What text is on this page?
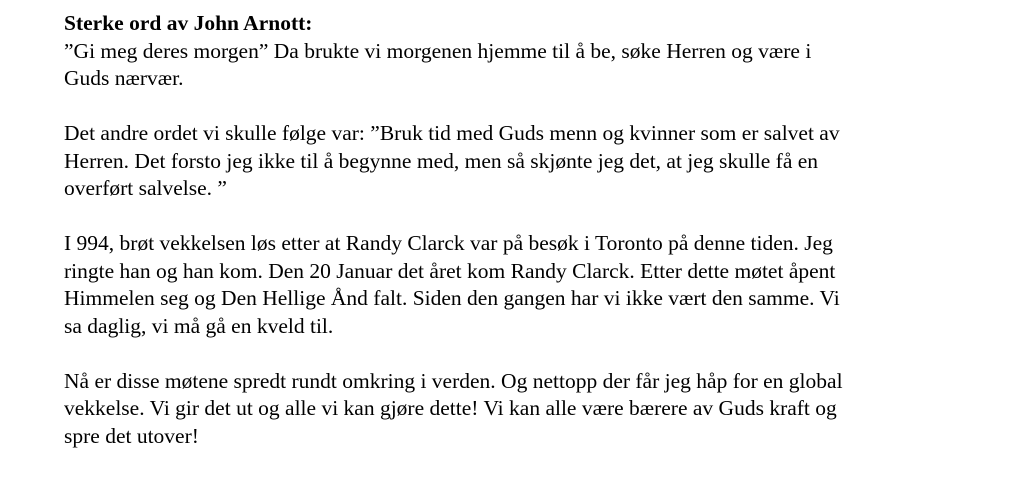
Sterke ord av John Arnott:
”Gi meg deres morgen” Da brukte vi morgenen hjemme til å be, søke Herren og være i
Guds nærvær.
Det andre ordet vi skulle følge var: ”Bruk tid med Guds menn og kvinner som er salvet av
Herren. Det forsto jeg ikke til å begynne med, men så skjønte jeg det, at jeg skulle få en
overført salvelse. ”
I 994, brøt vekkelsen løs etter at Randy Clarck var på besøk i Toronto på denne tiden. Jeg
ringte han og han kom. Den 20 Januar det året kom Randy Clarck. Etter dette møtet åpent
Himmelen seg og Den Hellige Ånd falt. Siden den gangen har vi ikke vært den samme. Vi
sa daglig, vi må gå en kveld til.
Nå er disse møtene spredt rundt omkring i verden. Og nettopp der får jeg håp for en global
vekkelse. Vi gir det ut og alle vi kan gjøre dette! Vi kan alle være bærere av Guds kraft og
spre det utover!
